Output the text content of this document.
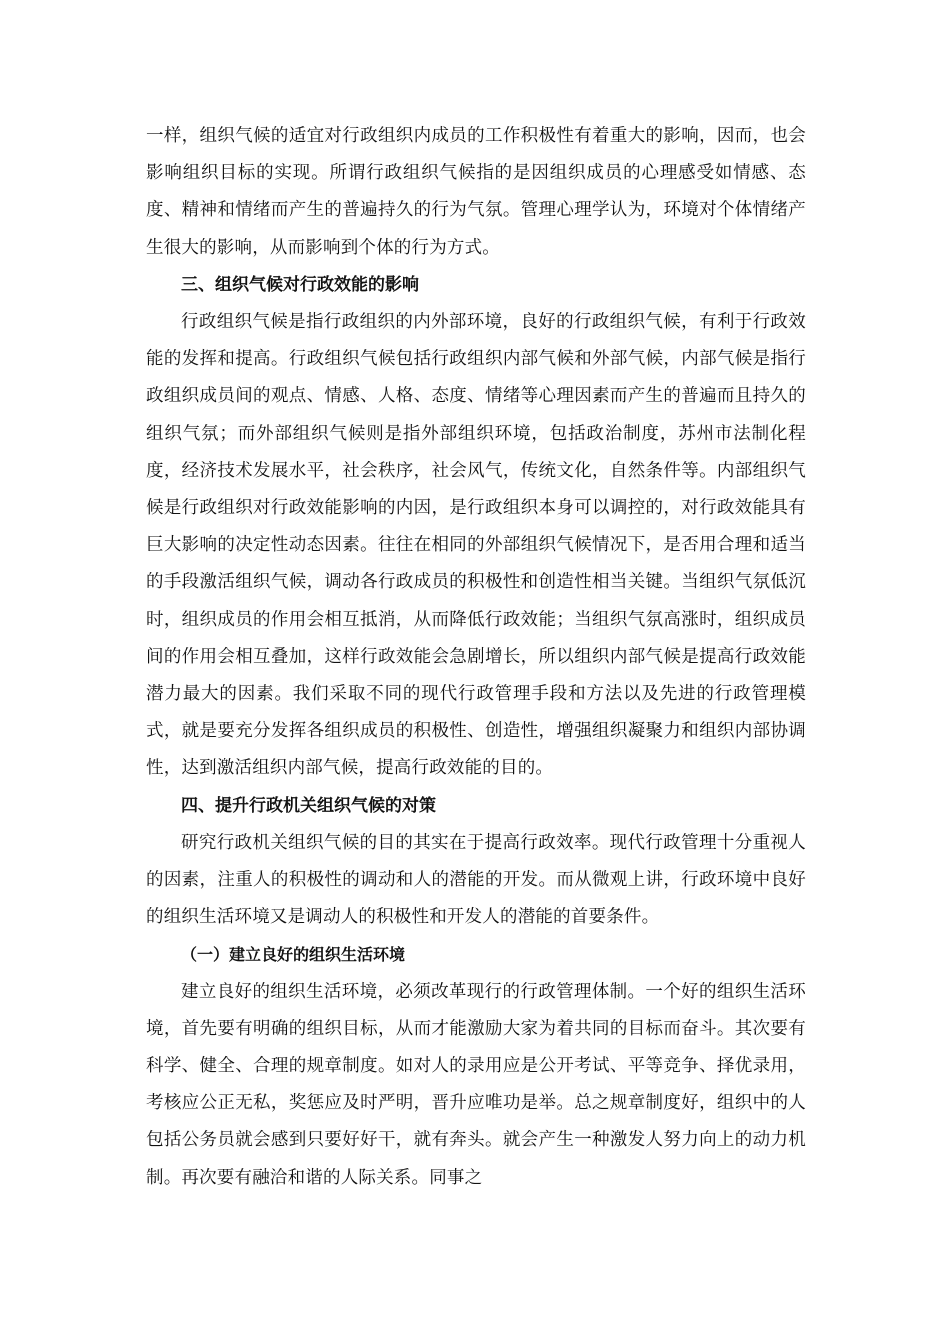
一样，组织气候的适宜对行政组织内成员的工作积极性有着重大的影响，因而，也会影响组织目标的实现。所谓行政组织气候指的是因组织成员的心理感受如情感、态度、精神和情绪而产生的普遍持久的行为气氛。管理心理学认为，环境对个体情绪产生很大的影响，从而影响到个体的行为方式。

三、组织气候对行政效能的影响

行政组织气候是指行政组织的内外部环境，良好的行政组织气候，有利于行政效能的发挥和提高。行政组织气候包括行政组织内部气候和外部气候，内部气候是指行政组织成员间的观点、情感、人格、态度、情绪等心理因素而产生的普遍而且持久的组织气氛；而外部组织气候则是指外部组织环境，包括政治制度，苏州市法制化程度，经济技术发展水平，社会秩序，社会风气，传统文化，自然条件等。内部组织气候是行政组织对行政效能影响的内因，是行政组织本身可以调控的，对行政效能具有巨大影响的决定性动态因素。往往在相同的外部组织气候情况下，是否用合理和适当的手段激活组织气候，调动各行政成员的积极性和创造性相当关键。当组织气氛低沉时，组织成员的作用会相互抵消，从而降低行政效能；当组织气氛高涨时，组织成员间的作用会相互叠加，这样行政效能会急剧增长，所以组织内部气候是提高行政效能潜力最大的因素。我们采取不同的现代行政管理手段和方法以及先进的行政管理模式，就是要充分发挥各组织成员的积极性、创造性，增强组织凝聚力和组织内部协调性，达到激活组织内部气候，提高行政效能的目的。

四、提升行政机关组织气候的对策

研究行政机关组织气候的目的其实在于提高行政效率。现代行政管理十分重视人的因素，注重人的积极性的调动和人的潜能的开发。而从微观上讲，行政环境中良好的组织生活环境又是调动人的积极性和开发人的潜能的首要条件。

（一）建立良好的组织生活环境

建立良好的组织生活环境，必须改革现行的行政管理体制。一个好的组织生活环境，首先要有明确的组织目标，从而才能激励大家为着共同的目标而奋斗。其次要有科学、健全、合理的规章制度。如对人的录用应是公开考试、平等竞争、择优录用，考核应公正无私，奖惩应及时严明，晋升应唯功是举。总之规章制度好，组织中的人包括公务员就会感到只要好好干，就有奔头。就会产生一种激发人努力向上的动力机制。再次要有融洽和谐的人际关系。同事之
